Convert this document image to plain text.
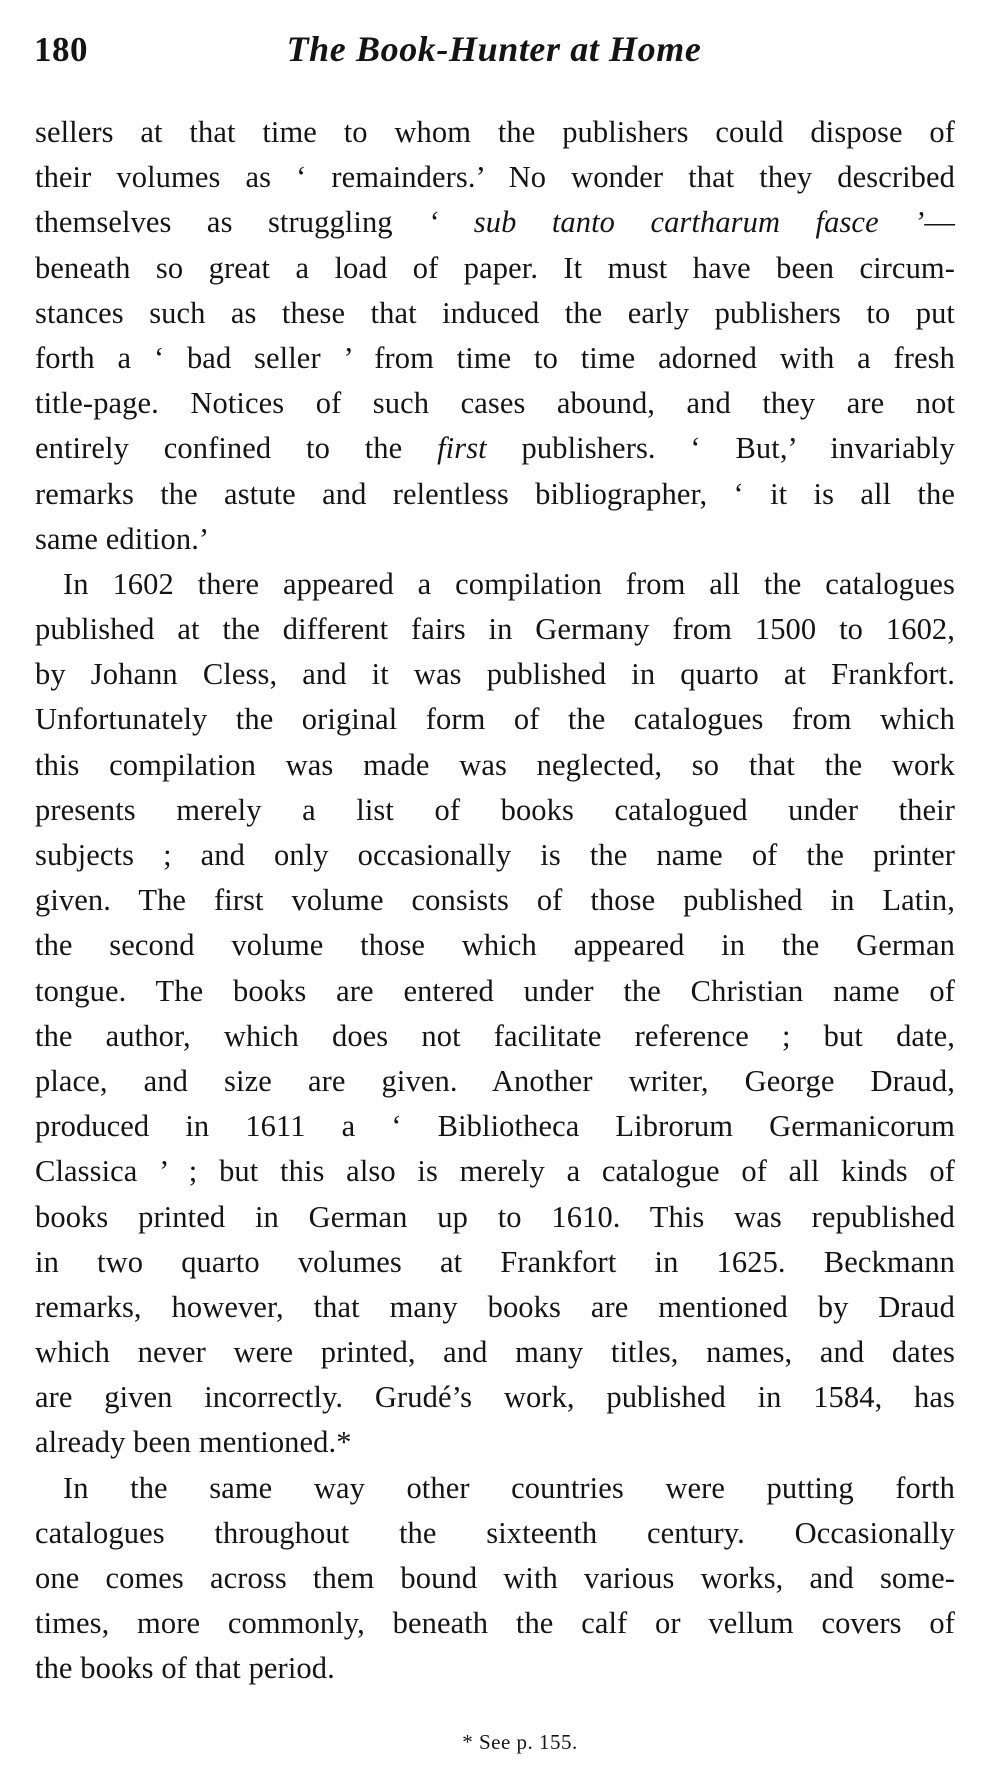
180	The Book-Hunter at Home
sellers at that time to whom the publishers could dispose of
their volumes as ‘ remainders.’ No wonder that they described
themselves as struggling ‘ sub tanto cartharum fasce ’—
beneath so great a load of paper. It must have been circum-
stances such as these that induced the early publishers to put
forth a ‘ bad seller ’ from time to time adorned with a fresh
title-page. Notices of such cases abound, and they are not
entirely confined to the first publishers. ‘ But,’ invariably
remarks the astute and relentless bibliographer, ‘ it is all the
same edition.’
In 1602 there appeared a compilation from all the catalogues
published at the different fairs in Germany from 1500 to 1602,
by Johann Cless, and it was published in quarto at Frankfort.
Unfortunately the original form of the catalogues from which
this compilation was made was neglected, so that the work
presents merely a list of books catalogued under their
subjects ; and only occasionally is the name of the printer
given. The first volume consists of those published in Latin,
the second volume those which appeared in the German
tongue. The books are entered under the Christian name of
the author, which does not facilitate reference ; but date,
place, and size are given. Another writer, George Draud,
produced in 1611 a ‘ Bibliotheca Librorum Germanicorum
Classica ’ ; but this also is merely a catalogue of all kinds of
books printed in German up to 1610. This was republished
in two quarto volumes at Frankfort in 1625. Beckmann
remarks, however, that many books are mentioned by Draud
which never were printed, and many titles, names, and dates
are given incorrectly. Grudé’s work, published in 1584, has
already been mentioned.*
In the same way other countries were putting forth
catalogues throughout the sixteenth century. Occasionally
one comes across them bound with various works, and some-
times, more commonly, beneath the calf or vellum covers of
the books of that period.
* See p. 155.
